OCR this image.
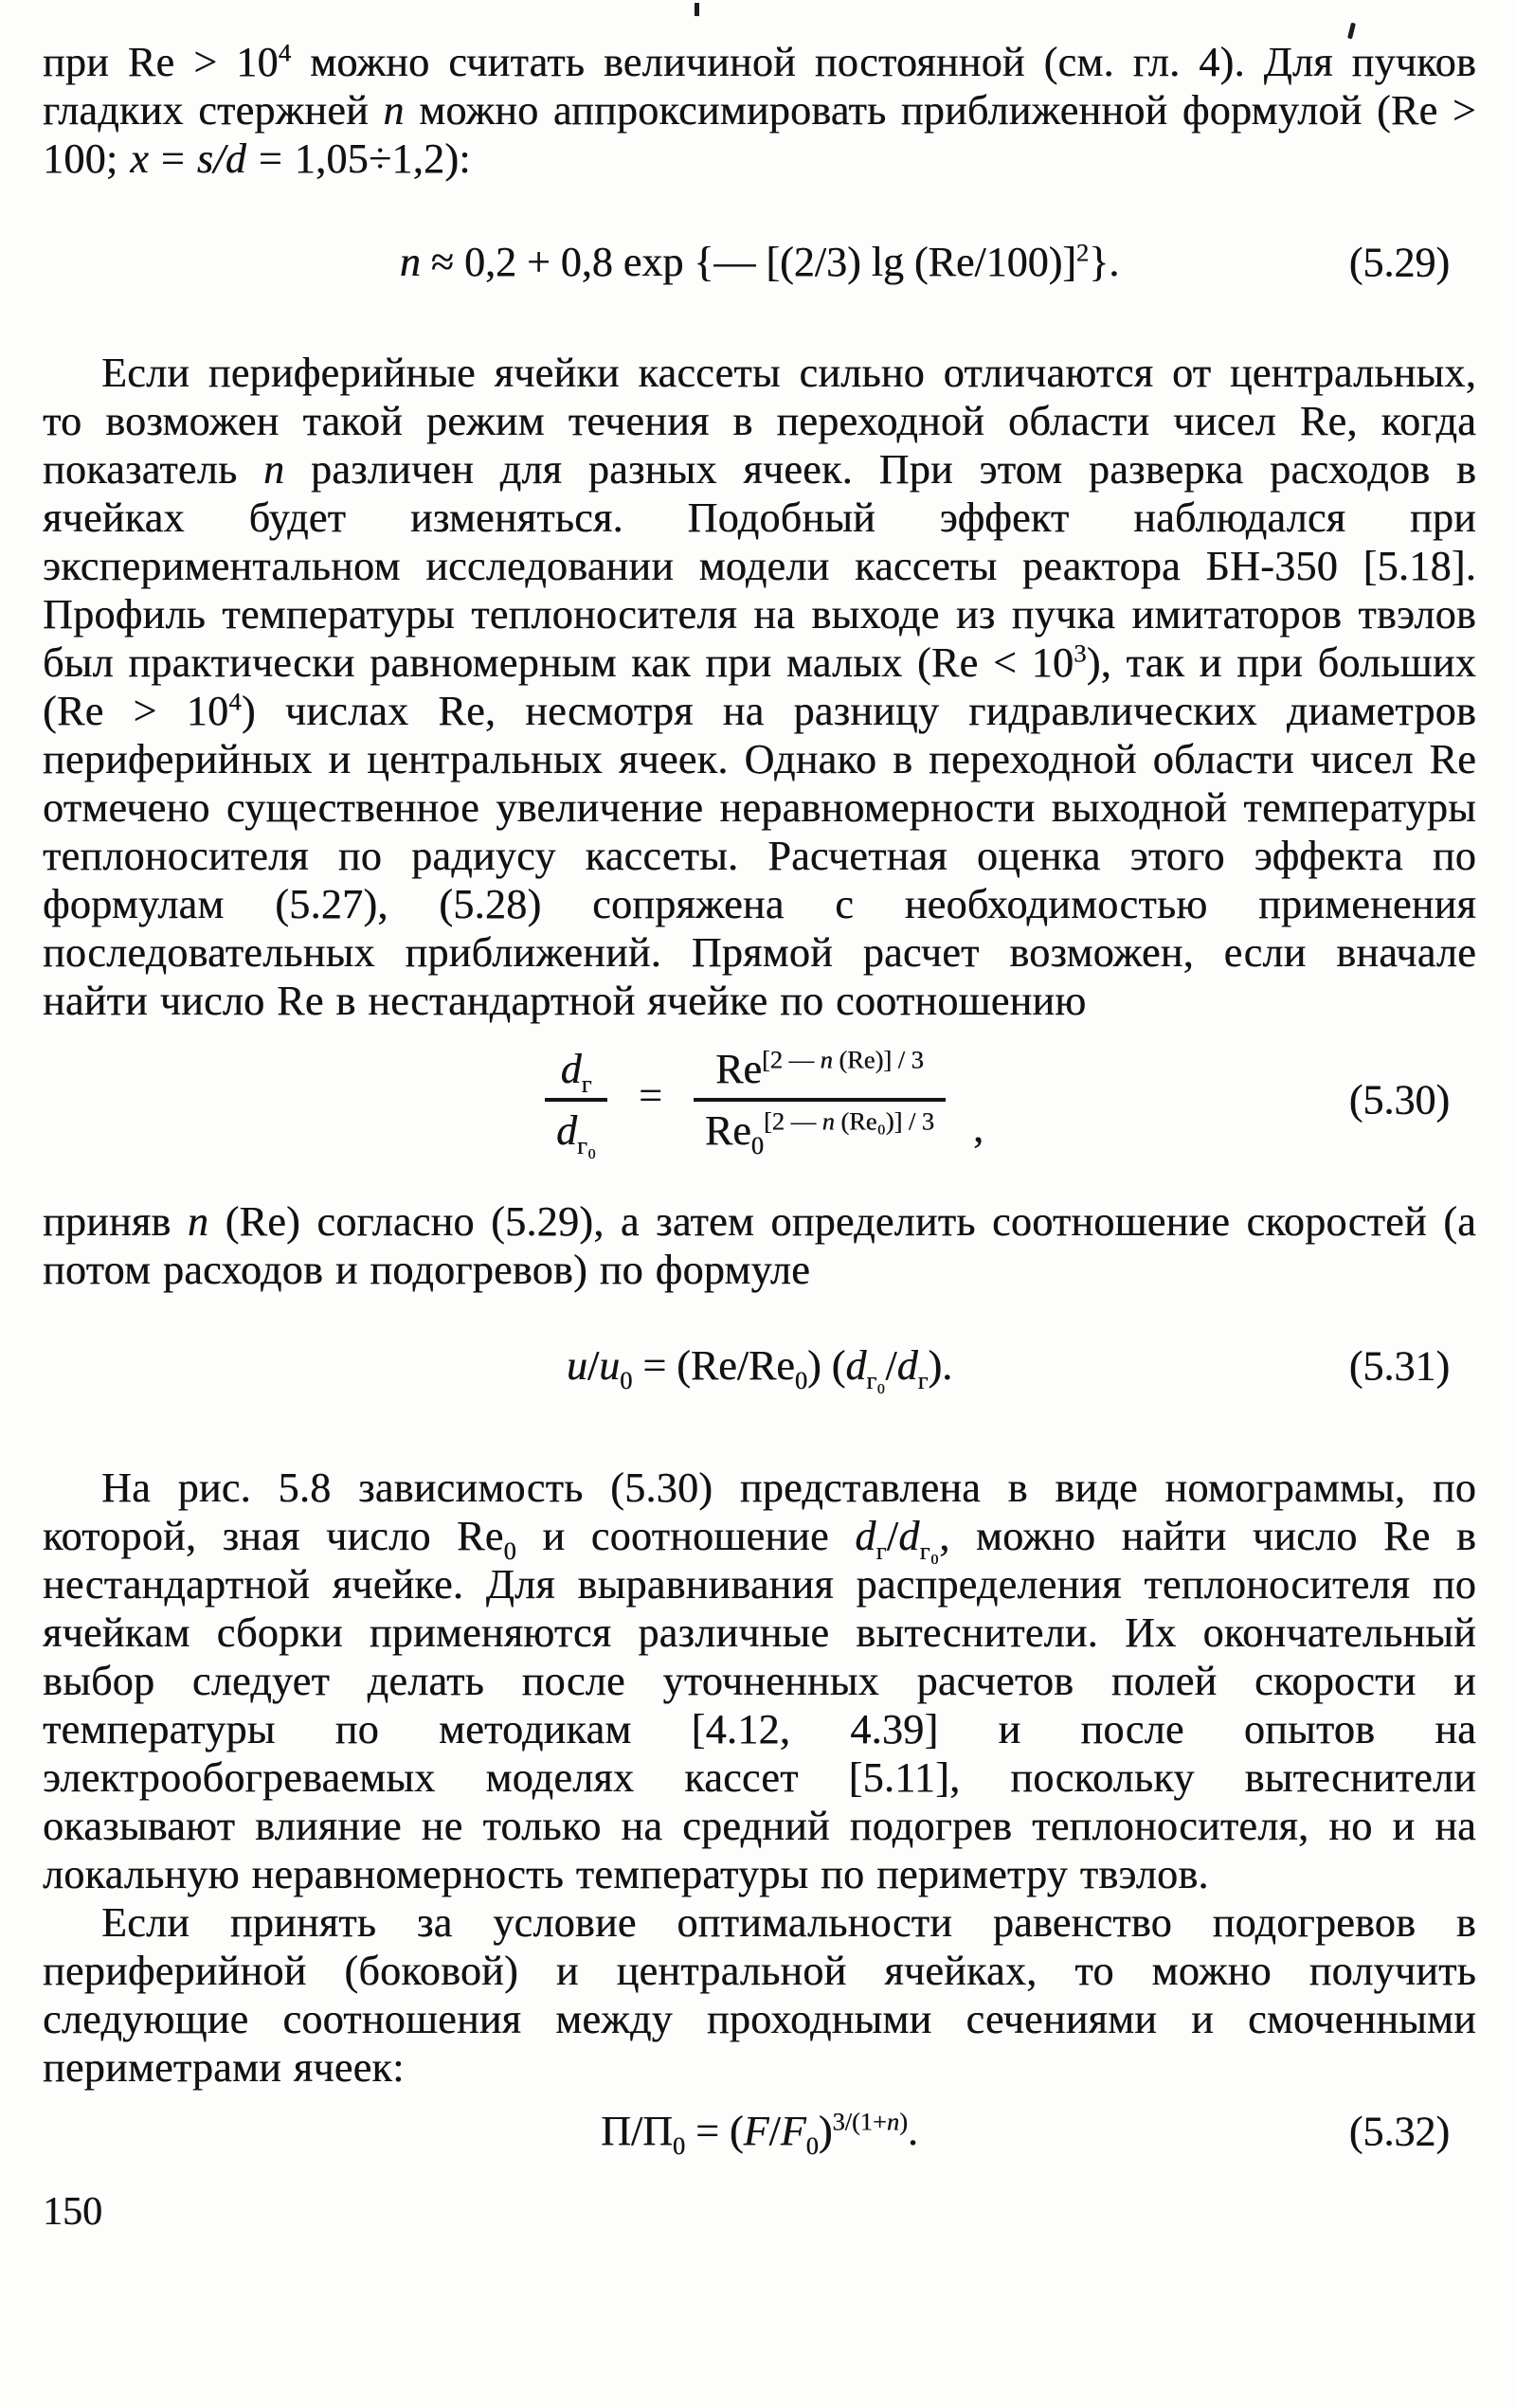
при $Re > 10^4$ можно считать величиной постоянной (см. гл. 4). Для пучков гладких стержней n можно аппроксимировать приближенной формулой (Re > 100; x = s/d = 1,05÷1,2):

n ≈ 0,2 + 0,8 exp {— [(2/3) lg (Re/100)]$^2$}.	(5.29)

Если периферийные ячейки кассеты сильно отличаются от центральных, то возможен такой режим течения в переходной области чисел Re, когда показатель n различен для разных ячеек. При этом разверка расходов в ячейках будет изменяться. Подобный эффект наблюдался при экспериментальном исследовании модели кассеты реактора БН-350 [5.18]. Профиль температуры теплоносителя на выходе из пучка имитаторов твэлов был практически равномерным как при малых $(Re < 10^3)$, так и при больших $(Re > 10^4)$ числах Re, несмотря на разницу гидравлических диаметров периферийных и центральных ячеек. Однако в переходной области чисел Re отмечено существенное увеличение неравномерности выходной температуры теплоносителя по радиусу кассеты. Расчетная оценка этого эффекта по формулам (5.27), (5.28) сопряжена с необходимостью применения последовательных приближений. Прямой расчет возможен, если вначале найти число Re в нестандартной ячейке по соотношению

$\frac{d_г}{d_{г_0}} = \frac{Re^{[2 —} ^n ^{(Re)] / 3}}{Re_0^{[2 —} ^n ^{(Re_0)] / 3}}$ ,
(5.30)

приняв n (Re) согласно (5.29), а затем определить соотношение скоростей (а потом расходов и подогревов) по формуле

$u/u_0 = (Re/Re_0)$ $(d_{г_0}/d_г)$.	(5.31)

На рис. 5.8 зависимость (5.30) представлена в виде номограммы, по которой, зная число $Re_0$ и соотношение $d_г/d_{г_0}$, можно найти число Re в нестандартной ячейке. Для выравнивания распределения теплоносителя по ячейкам сборки применяются различные вытеснители. Их окончательный выбор следует делать после уточненных расчетов полей скорости и температуры по методикам [4.12, 4.39] и после опытов на электрообогреваемых моделях кассет [5.11], поскольку вытеснители оказывают влияние не только на средний подогрев теплоносителя, но и на локальную неравномерность температуры по периметру твэлов.

Если принять за условие оптимальности равенство подогревов в периферийной (боковой) и центральной ячейках, то можно получить следующие соотношения между проходными сечениями и смоченными периметрами ячеек:

$П/П_0 = (F/F_0)^{3/(1+n)}$.	(5.32)
150
